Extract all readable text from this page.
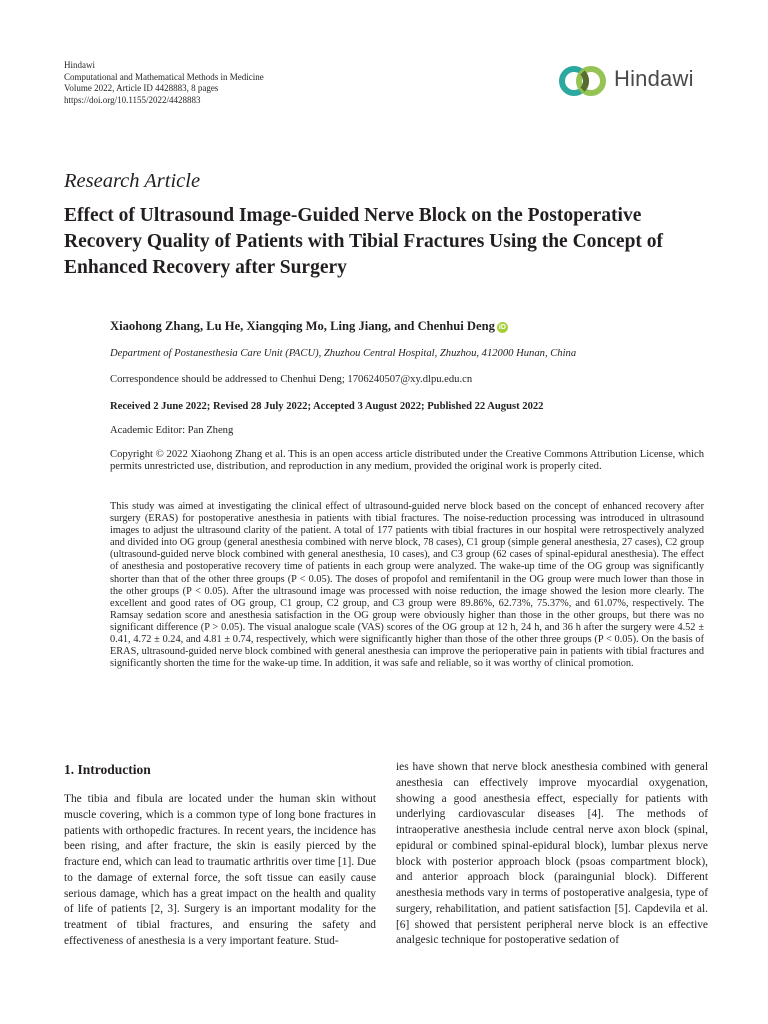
Hindawi
Computational and Mathematical Methods in Medicine
Volume 2022, Article ID 4428883, 8 pages
https://doi.org/10.1155/2022/4428883
Hindawi
Research Article
Effect of Ultrasound Image-Guided Nerve Block on the Postoperative Recovery Quality of Patients with Tibial Fractures Using the Concept of Enhanced Recovery after Surgery
Xiaohong Zhang, Lu He, Xiangqing Mo, Ling Jiang, and Chenhui Deng iD
Department of Postanesthesia Care Unit (PACU), Zhuzhou Central Hospital, Zhuzhou, 412000 Hunan, China
Correspondence should be addressed to Chenhui Deng; 1706240507@xy.dlpu.edu.cn
Received 2 June 2022; Revised 28 July 2022; Accepted 3 August 2022; Published 22 August 2022
Academic Editor: Pan Zheng

Copyright © 2022 Xiaohong Zhang et al. This is an open access article distributed under the Creative Commons Attribution License, which permits unrestricted use, distribution, and reproduction in any medium, provided the original work is properly cited.

This study was aimed at investigating the clinical effect of ultrasound-guided nerve block based on the concept of enhanced recovery after surgery (ERAS) for postoperative anesthesia in patients with tibial fractures. The noise-reduction processing was introduced in ultrasound images to adjust the ultrasound clarity of the patient. A total of 177 patients with tibial fractures in our hospital were retrospectively analyzed and divided into OG group (general anesthesia combined with nerve block, 78 cases), C1 group (simple general anesthesia, 27 cases), C2 group (ultrasound-guided nerve block combined with general anesthesia, 10 cases), and C3 group (62 cases of spinal-epidural anesthesia). The effect of anesthesia and postoperative recovery time of patients in each group were analyzed. The wake-up time of the OG group was significantly shorter than that of the other three groups (P < 0.05). The doses of propofol and remifentanil in the OG group were much lower than those in the other groups (P < 0.05). After the ultrasound image was processed with noise reduction, the image showed the lesion more clearly. The excellent and good rates of OG group, C1 group, C2 group, and C3 group were 89.86%, 62.73%, 75.37%, and 61.07%, respectively. The Ramsay sedation score and anesthesia satisfaction in the OG group were obviously higher than those in the other groups, but there was no significant difference (P > 0.05). The visual analogue scale (VAS) scores of the OG group at 12 h, 24 h, and 36 h after the surgery were 4.52 ± 0.41, 4.72 ± 0.24, and 4.81 ± 0.74, respectively, which were significantly higher than those of the other three groups (P < 0.05). On the basis of ERAS, ultrasound-guided nerve block combined with general anesthesia can improve the perioperative pain in patients with tibial fractures and significantly shorten the time for the wake-up time. In addition, it was safe and reliable, so it was worthy of clinical promotion.

1. Introduction

The tibia and fibula are located under the human skin without muscle covering, which is a common type of long bone fractures in patients with orthopedic fractures. In recent years, the incidence has been rising, and after fracture, the skin is easily pierced by the fracture end, which can lead to traumatic arthritis over time [1]. Due to the damage of external force, the soft tissue can easily cause serious damage, which has a great impact on the health and quality of life of patients [2, 3]. Surgery is an important modality for the treatment of tibial fractures, and ensuring the safety and effectiveness of anesthesia is a very important feature. Stud-

ies have shown that nerve block anesthesia combined with general anesthesia can effectively improve myocardial oxygenation, showing a good anesthesia effect, especially for patients with underlying cardiovascular diseases [4]. The methods of intraoperative anesthesia include central nerve axon block (spinal, epidural or combined spinal-epidural block), lumbar plexus nerve block with posterior approach block (psoas compartment block), and anterior approach block (paraingunial block). Different anesthesia methods vary in terms of postoperative analgesia, type of surgery, rehabilitation, and patient satisfaction [5]. Capdevila et al. [6] showed that persistent peripheral nerve block is an effective analgesic technique for postoperative sedation of
